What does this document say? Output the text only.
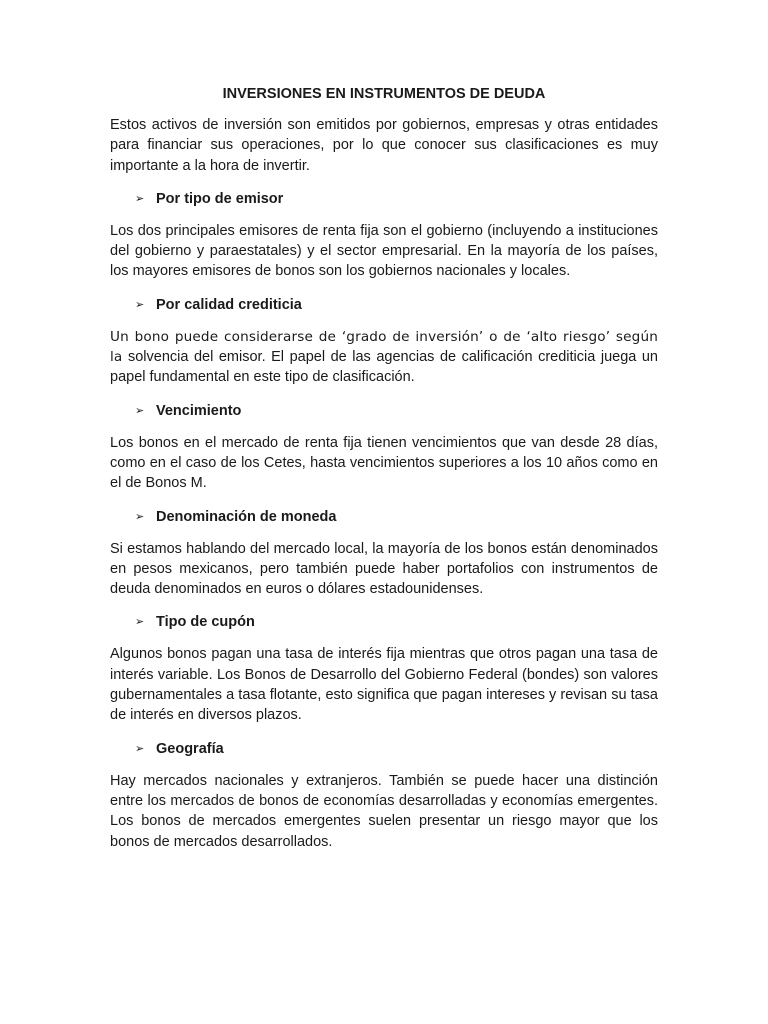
INVERSIONES EN INSTRUMENTOS DE DEUDA

Estos activos de inversión son emitidos por gobiernos, empresas y otras entidades para financiar sus operaciones, por lo que conocer sus clasificaciones es muy importante a la hora de invertir.

➢ Por tipo de emisor

Los dos principales emisores de renta fija son el gobierno (incluyendo a instituciones del gobierno y paraestatales) y el sector empresarial. En la mayoría de los países, los mayores emisores de bonos son los gobiernos nacionales y locales.

➢ Por calidad crediticia

Un bono puede considerarse de ‘grado de inversión’ o de ‘alto riesgo’ según la solvencia del emisor. El papel de las agencias de calificación crediticia juega un papel fundamental en este tipo de clasificación.

➢ Vencimiento

Los bonos en el mercado de renta fija tienen vencimientos que van desde 28 días, como en el caso de los Cetes, hasta vencimientos superiores a los 10 años como en el de Bonos M.

➢ Denominación de moneda

Si estamos hablando del mercado local, la mayoría de los bonos están denominados en pesos mexicanos, pero también puede haber portafolios con instrumentos de deuda denominados en euros o dólares estadounidenses.

➢ Tipo de cupón

Algunos bonos pagan una tasa de interés fija mientras que otros pagan una tasa de interés variable. Los Bonos de Desarrollo del Gobierno Federal (bondes) son valores gubernamentales a tasa flotante, esto significa que pagan intereses y revisan su tasa de interés en diversos plazos.

➢ Geografía

Hay mercados nacionales y extranjeros. También se puede hacer una distinción entre los mercados de bonos de economías desarrolladas y economías emergentes. Los bonos de mercados emergentes suelen presentar un riesgo mayor que los bonos de mercados desarrollados.
